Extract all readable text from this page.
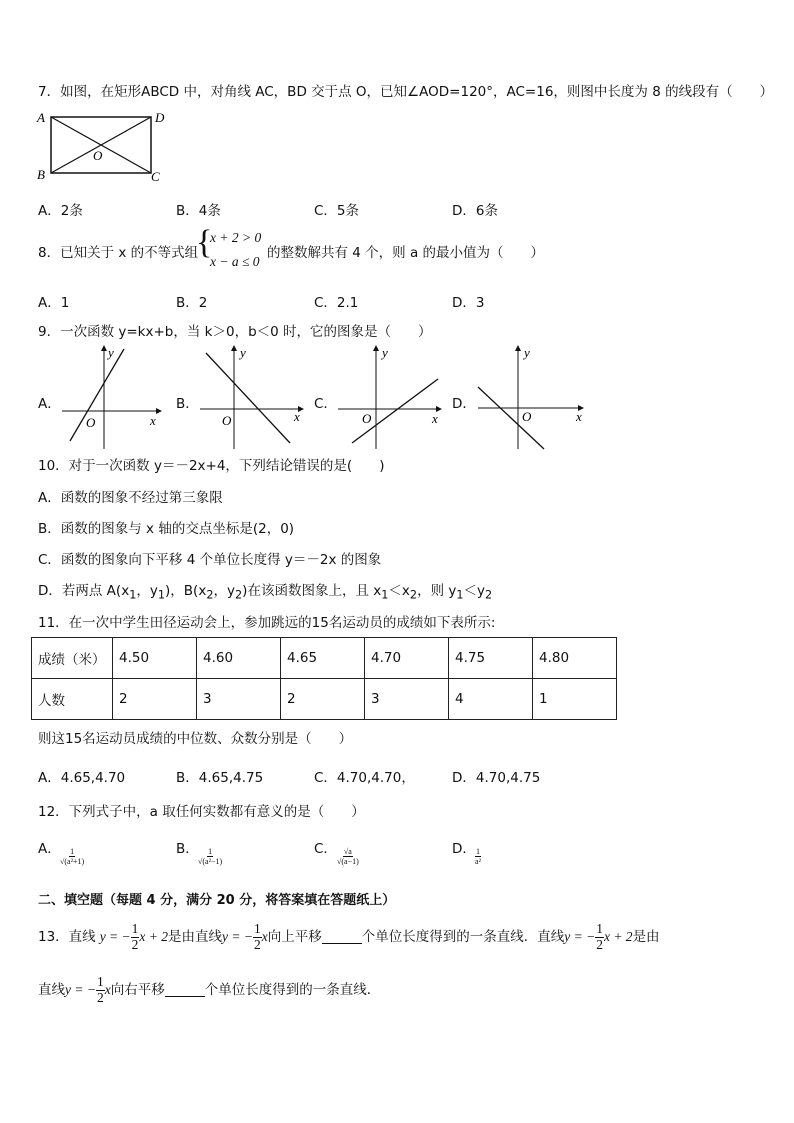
7．如图，在矩形ABCD 中，对角线 AC，BD 交于点 O，已知∠AOD=120°，AC=16，则图中长度为 8 的线段有（　　）
A	D
B	C
O
A．2条	B．4条	C．5条	D．6条
8．已知关于 x 的不等式组
{
x + 2 > 0
x − a ≤ 0
的整数解共有 4 个，则 a 的最小值为（　　）
A．1	B．2	C．2.1	D．3
9．一次函数 y=kx+b，当 k＞0，b＜0 时，它的图象是（　　）
A．	B．	C．	D．
y
x
O
y
x
O
y
x
O
y
x
O
10．对于一次函数 y＝－2x+4，下列结论错误的是(　　)
A．函数的图象不经过第三象限
B．函数的图象与 x 轴的交点坐标是(2，0)
C．函数的图象向下平移 4 个单位长度得 y＝－2x 的图象
D．若两点 $A(x_1$，$y_1$)，$B(x_2$，$y_2$)在该函数图象上，且 $x_1<x_2$，则 $y_1<y_2$
11．在一次中学生田径运动会上，参加跳远的15名运动员的成绩如下表所示:
成绩（米）	4.50	4.60	4.65	4.70	4.75	4.80
人数	2	3	2	3	4	1
则这15名运动员成绩的中位数、众数分别是（　　）
A．4.65,4.70	B．4.65,4.75	C．4.70,4.70，	D．4.70,4.75
12．下列式子中，a 取任何实数都有意义的是（　　）
A．	B．	C．	D．
1
√(a²+1)
1
√(a²−1)
√a
√(a−1)
1
a²
二、填空题（每题 4 分，满分 20 分，将答案填在答题纸上）
13．直线 y = − $\frac{1}{2}$ x + 2 是由直线 y = − $\frac{1}{2}$ x 向上平移	个单位长度得到的一条直线．直线 y = − $\frac{1}{2}$ x + 2 是由
直线 y = − $\frac{1}{2}$ x 向右平移	个单位长度得到的一条直线．
